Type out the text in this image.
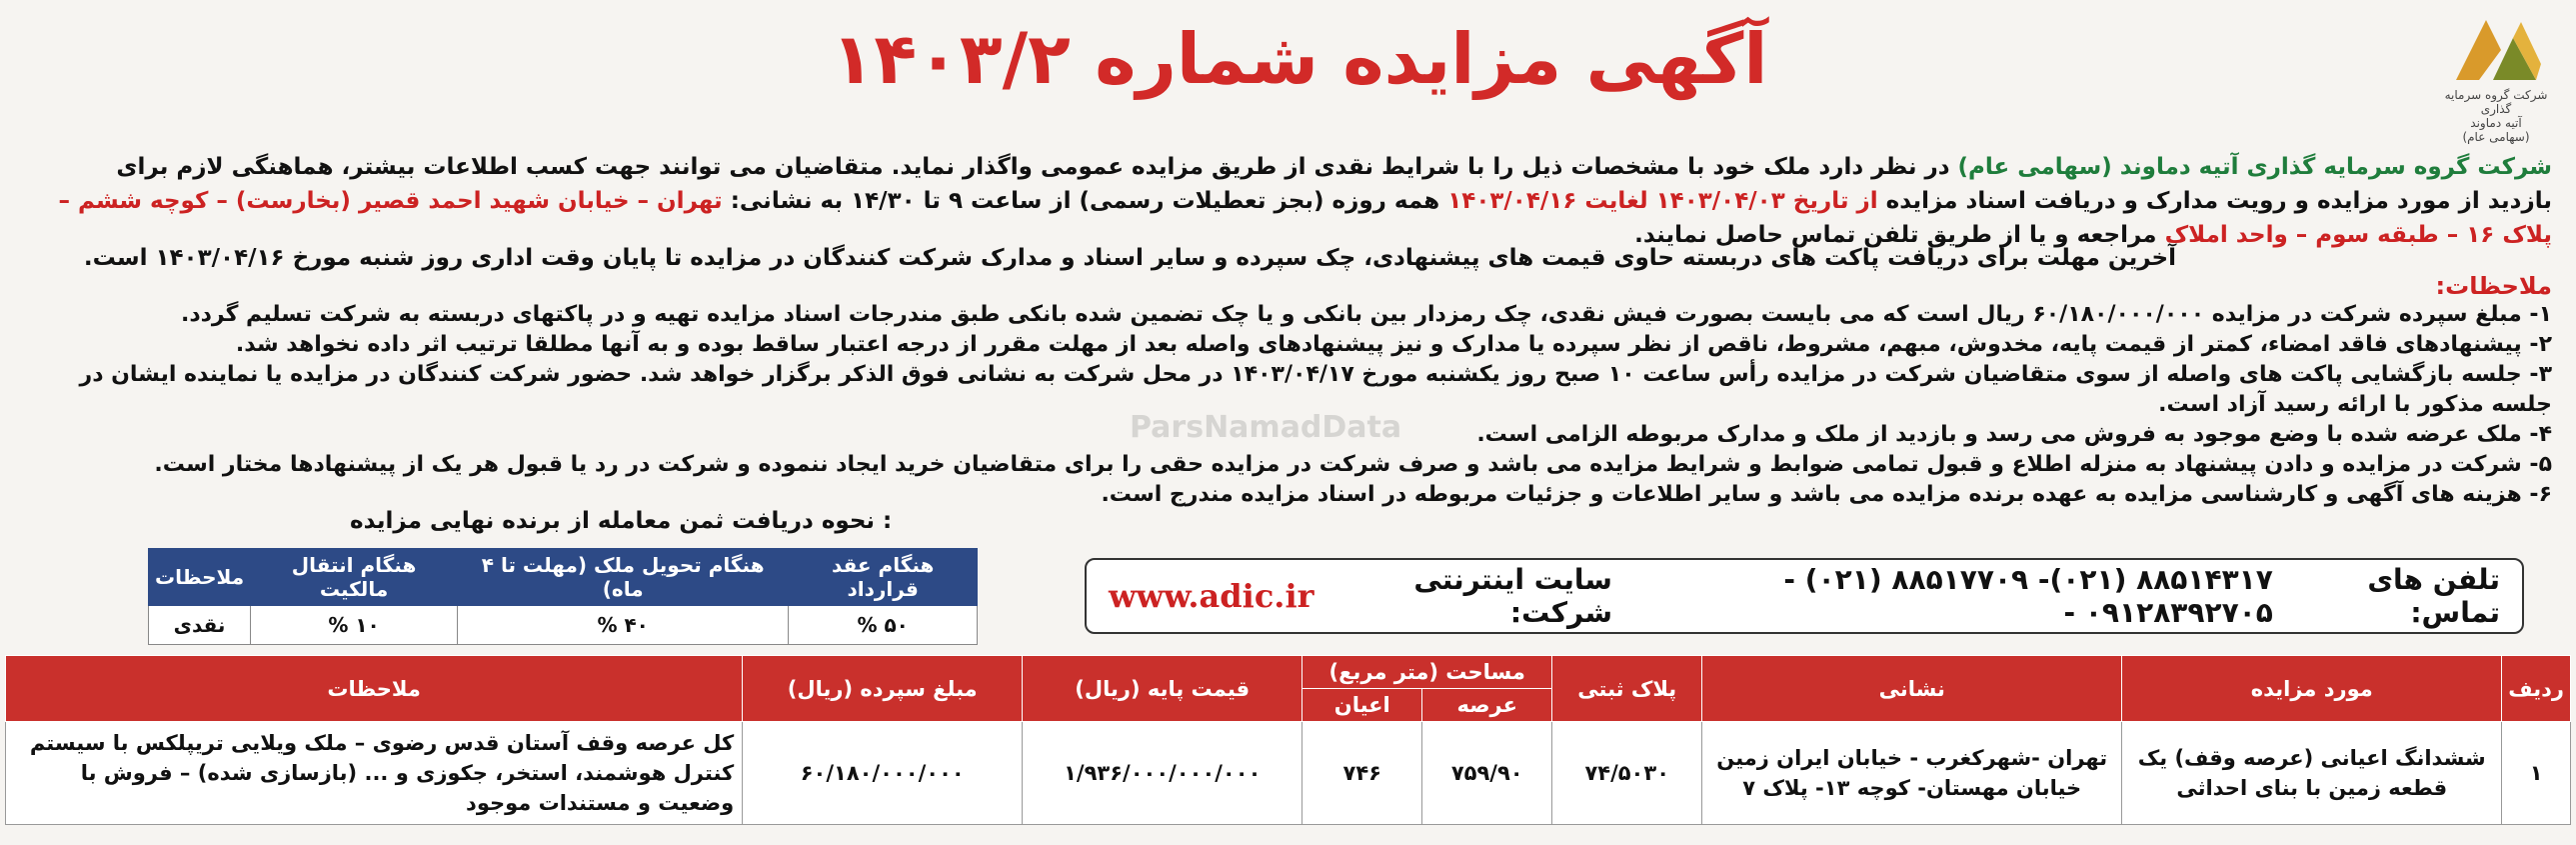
شرکت گروه سرمایه گذاری
آتیه دماوند
(سهامی عام)
آگهی مزایده شماره ۱۴۰۳/۲
شرکت گروه سرمایه گذاری آتیه دماوند (سهامی عام) در نظر دارد ملک خود با مشخصات ذیل را با شرایط نقدی از طریق مزایده عمومی واگذار نماید. متقاضیان می توانند جهت کسب اطلاعات بیشتر، هماهنگی لازم برای بازدید از مورد مزایده و رویت مدارک و دریافت اسناد مزایده از تاریخ ۱۴۰۳/۰۴/۰۳ لغایت ۱۴۰۳/۰۴/۱۶ همه روزه (بجز تعطیلات رسمی) از ساعت ۹ تا ۱۴/۳۰ به نشانی: تهران – خیابان شهید احمد قصیر (بخارست) – کوچه ششم – پلاک ۱۶ – طبقه سوم – واحد املاک مراجعه و یا از طریق تلفن تماس حاصل نمایند.
آخرین مهلت برای دریافت پاکت های دربسته حاوی قیمت های پیشنهادی، چک سپرده و سایر اسناد و مدارک شرکت کنندگان در مزایده تا پایان وقت اداری روز شنبه مورخ ۱۴۰۳/۰۴/۱۶ است.
ملاحظات:
۱- مبلغ سپرده شرکت در مزایده ۶۰/۱۸۰/۰۰۰/۰۰۰ ریال است که می بایست بصورت فیش نقدی، چک رمزدار بین بانکی و یا چک تضمین شده بانکی طبق مندرجات اسناد مزایده تهیه و در پاکتهای دربسته به شرکت تسلیم گردد.
۲- پیشنهادهای فاقد امضاء، کمتر از قیمت پایه، مخدوش، مبهم، مشروط، ناقص از نظر سپرده یا مدارک و نیز پیشنهادهای واصله بعد از مهلت مقرر از درجه اعتبار ساقط بوده و به آنها مطلقا ترتیب اثر داده نخواهد شد.
۳- جلسه بازگشایی پاکت های واصله از سوی متقاضیان شرکت در مزایده رأس ساعت ۱۰ صبح روز یکشنبه مورخ ۱۴۰۳/۰۴/۱۷ در محل شرکت به نشانی فوق الذکر برگزار خواهد شد. حضور شرکت کنندگان در مزایده یا نماینده ایشان در جلسه مذکور با ارائه رسید آزاد است.
۴- ملک عرضه شده با وضع موجود به فروش می رسد و بازدید از ملک و مدارک مربوطه الزامی است.
۵- شرکت در مزایده و دادن پیشنهاد به منزله اطلاع و قبول تمامی ضوابط و شرایط مزایده می باشد و صرف شرکت در مزایده حقی را برای متقاضیان خرید ایجاد ننموده و شرکت در رد یا قبول هر یک از پیشنهادها مختار است.
۶- هزینه های آگهی و کارشناسی مزایده به عهده برنده مزایده می باشد و سایر اطلاعات و جزئیات مربوطه در اسناد مزایده مندرج است.
ParsNamadData
: نحوه دریافت ثمن معامله از برنده نهایی مزایده
هنگام عقد قرارداد	هنگام تحویل ملک (مهلت تا ۴ ماه)	هنگام انتقال مالکیت	ملاحظات
۵۰ %	۴۰ %	۱۰ %	نقدی
تلفن های تماس:
۸۸۵۱۴۳۱۷ (۰۲۱)- ۸۸۵۱۷۷۰۹ (۰۲۱) - ۰۹۱۲۸۳۹۲۷۰۵ -
سایت اینترنتی شرکت:
www.adic.ir
ردیف	مورد مزایده	نشانی	پلاک ثبتی	مساحت (متر مربع)		قیمت پایه (ریال)	مبلغ سپرده (ریال)	ملاحظات
				عرصه	اعیان			
۱	ششدانگ اعیانی (عرصه وقف) یک قطعه زمین با بنای احداثی	تهران -شهرکغرب - خیابان ایران زمین خیابان مهستان- کوچه ۱۳- پلاک ۷	۷۴/۵۰۳۰	۷۵۹/۹۰	۷۴۶	۱/۹۳۶/۰۰۰/۰۰۰/۰۰۰	۶۰/۱۸۰/۰۰۰/۰۰۰	کل عرصه وقف آستان قدس رضوی – ملک ویلایی تریپلکس با سیستم کنترل هوشمند، استخر، جکوزی و ... (بازسازی شده) – فروش با وضعیت و مستندات موجود
